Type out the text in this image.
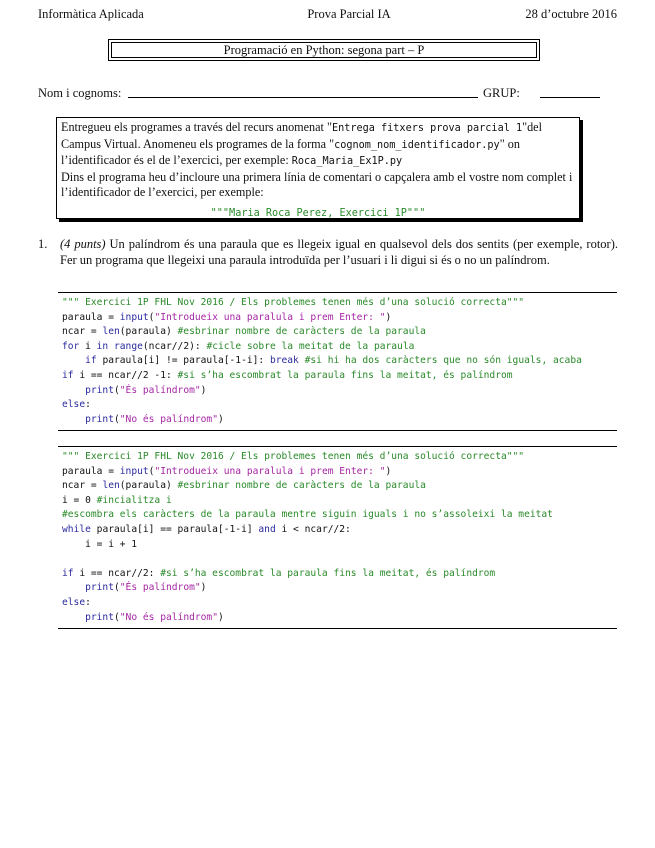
Informàtica Aplicada	Prova Parcial IA	28 d’octubre 2016
Programació en Python: segona part – P
Nom i cognoms:	GRUP:

Entregueu els programes a través del recurs anomenat "Entrega fitxers prova parcial 1"del Campus Virtual. Anomeneu els programes de la forma "cognom_nom_identificador.py" on l’identificador és el de l’exercici, per exemple: Roca_Maria_Ex1P.py

Dins el programa heu d’incloure una primera línia de comentari o capçalera amb el vostre nom complet i l’identificador de l’exercici, per exemple:

"""Maria Roca Perez, Exercici 1P"""

1. (4 punts) Un palíndrom és una paraula que es llegeix igual en qualsevol dels dos sentits (per exemple, rotor). Fer un programa que llegeixi una paraula introduïda per l’usuari i li digui si és o no un palíndrom.
""" Exercici 1P FHL Nov 2016 / Els problemes tenen més d’una solució correcta"""
paraula = input("Introdueix una paralula i prem Enter: ")
ncar = len(paraula) #esbrinar nombre de caràcters de la paraula
for i in range(ncar//2): #cicle sobre la meitat de la paraula
if paraula[i] != paraula[-1-i]: break #si hi ha dos caràcters que no són iguals, acaba
if i == ncar//2 -1: #si s’ha escombrat la paraula fins la meitat, és palíndrom
print("És palíndrom")
else:
print("No és palíndrom")
""" Exercici 1P FHL Nov 2016 / Els problemes tenen més d’una solució correcta"""
paraula = input("Introdueix una paralula i prem Enter: ")
ncar = len(paraula) #esbrinar nombre de caràcters de la paraula
i = 0 #incialitza i
#escombra els caràcters de la paraula mentre siguin iguals i no s’assoleixi la meitat
while paraula[i] == paraula[-1-i] and i < ncar//2:
i = i + 1
if i == ncar//2: #si s’ha escombrat la paraula fins la meitat, és palíndrom
print("És palíndrom")
else:
print("No és palíndrom")
